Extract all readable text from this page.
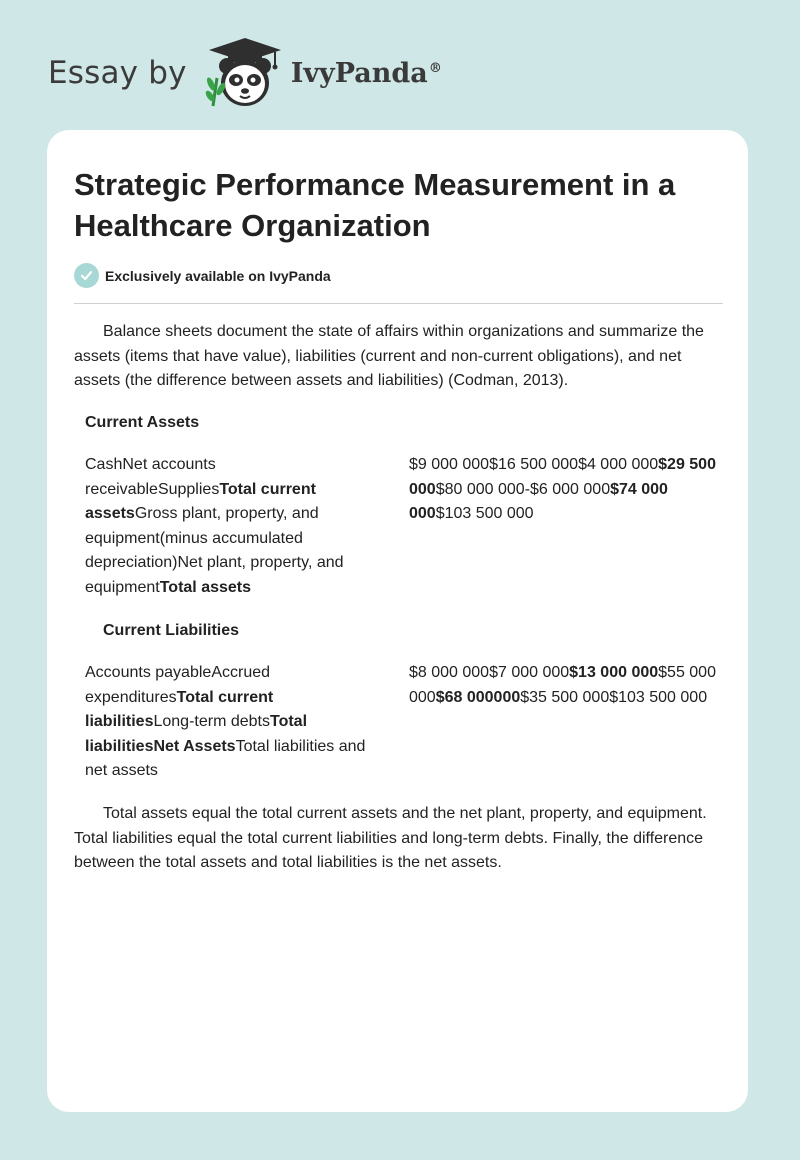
Essay by	IvyPanda®
Strategic Performance Measurement in a Healthcare Organization
Exclusively available on IvyPanda

Balance sheets document the state of affairs within organizations and summarize the assets (items that have value), liabilities (current and non-current obligations), and net assets (the difference between assets and liabilities) (Codman, 2013).

Current Assets

CashNet accounts receivableSuppliesTotal current assetsGross plant, property, and equipment(minus accumulated depreciation)Net plant, property, and equipmentTotal assets

$9 000 000$16 500 000$4 000 000$29 500 000$80 000 000-$6 000 000$74 000 000$103 500 000

Current Liabilities

Accounts payableAccrued expendituresTotal current liabilitiesLong-term debtsTotal liabilitiesNet AssetsTotal liabilities and net assets

$8 000 000$7 000 000$13 000 000$55 000 000$68 000000$35 500 000$103 500 000

Total assets equal the total current assets and the net plant, property, and equipment. Total liabilities equal the total current liabilities and long-term debts. Finally, the difference between the total assets and total liabilities is the net assets.
